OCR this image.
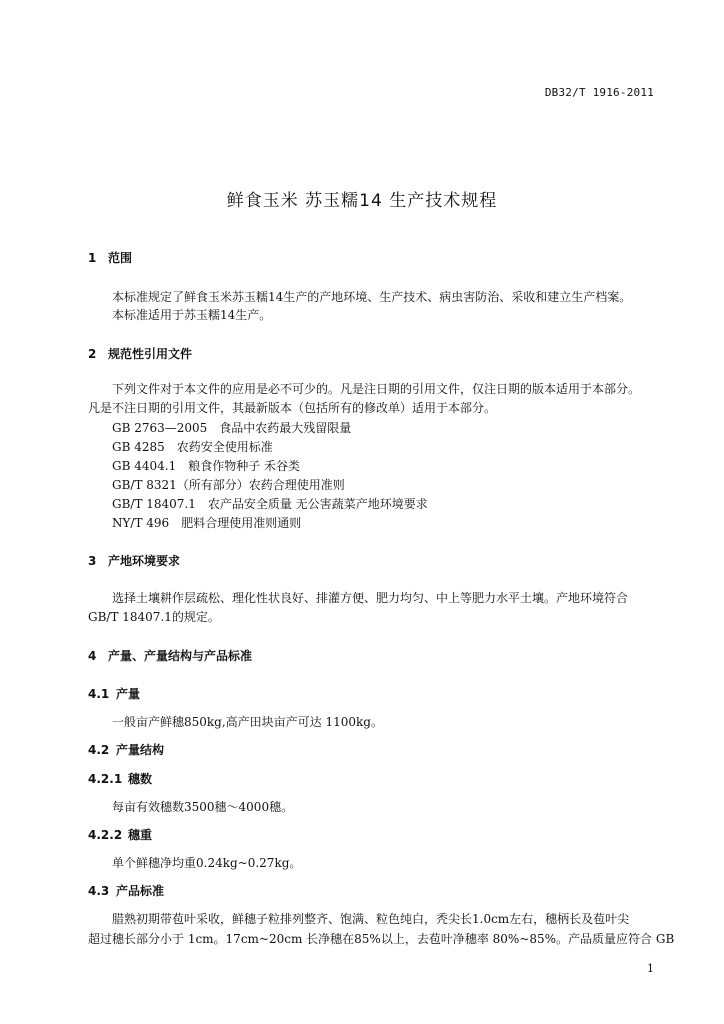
DB32/T 1916-2011
鲜食玉米 苏玉糯14 生产技术规程
1 范围
本标准规定了鲜食玉米苏玉糯14生产的产地环境、生产技术、病虫害防治、采收和建立生产档案。
本标准适用于苏玉糯14生产。
2 规范性引用文件
下列文件对于本文件的应用是必不可少的。凡是注日期的引用文件，仅注日期的版本适用于本部分。
凡是不注日期的引用文件，其最新版本（包括所有的修改单）适用于本部分。
GB 2763—2005　食品中农药最大残留限量
GB 4285　农药安全使用标准
GB 4404.1　粮食作物种子 禾谷类
GB/T 8321（所有部分）农药合理使用准则
GB/T 18407.1　农产品安全质量 无公害蔬菜产地环境要求
NY/T 496　肥料合理使用准则通则
3 产地环境要求
选择土壤耕作层疏松、理化性状良好、排灌方便、肥力均匀、中上等肥力水平土壤。产地环境符合
GB/T 18407.1的规定。
4 产量、产量结构与产品标准
4.1 产量
一般亩产鲜穗850kg,高产田块亩产可达 1100kg。
4.2 产量结构
4.2.1 穗数
每亩有效穗数3500穗～4000穗。
4.2.2 穗重
单个鲜穗净均重0.24kg~0.27kg。
4.3 产品标准
腊熟初期带苞叶采收，鲜穗子粒排列整齐、饱满、粒色纯白，秃尖长1.0cm左右，穗柄长及苞叶尖
超过穗长部分小于 1cm。17cm~20cm 长净穗在85%以上，去苞叶净穗率 80%~85%。产品质量应符合 GB
1
